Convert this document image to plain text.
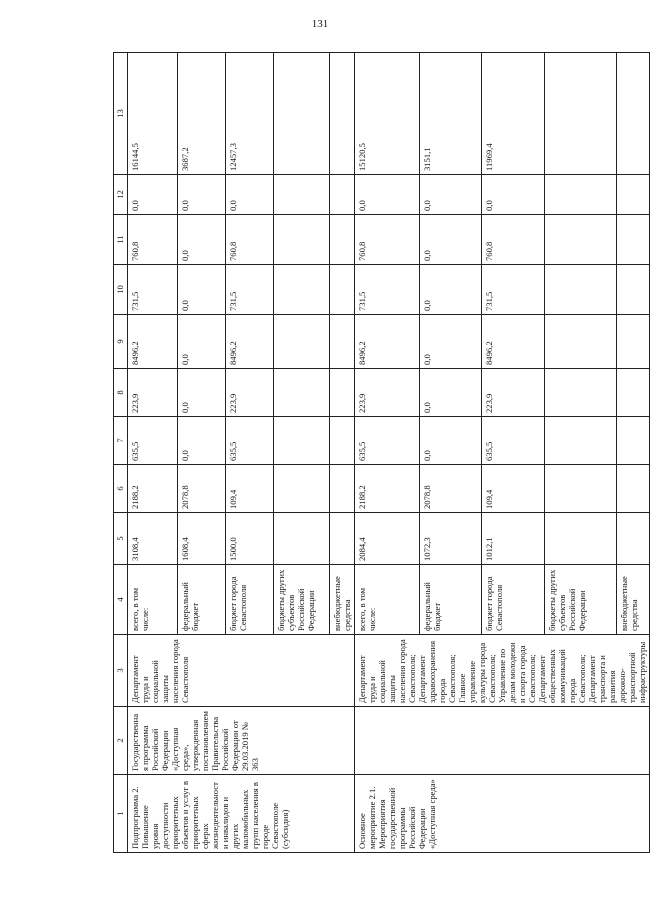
131
1	2	3	4	5	6	7	8	9	10	11	12	13
Подпрограмма 2. Повышение уровня доступности приоритетных объектов и услуг в приоритетных сферах жизнедеятельности инвалидов и других маломобильных групп населения в городе Севастополе (субсидия)	Государственная программа Российской Федерации «Доступная среда», утвержденная постановлением Правительства Российской Федерации от 29.03.2019 № 363	Департамент труда и социальной защиты населения города Севастополя	всего, в том числе:	3108,4	2188,2	635,5	223,9	8496,2	731,5	760,8	0,0	16144,5
			федеральный бюджет	1608,4	2078,8	0,0	0,0	0,0	0,0	0,0	0,0	3687,2
			бюджет города Севастополя	1500,0	109,4	635,5	223,9	8496,2	731,5	760,8	0,0	12457,3
			бюджеты других субъектов Российской Федерации									
			внебюджетные средства									
Основное мероприятие 2.1. Мероприятия государственной программы Российской Федерации «Доступная среда»		Департамент труда и социальной защиты населения города Севастополя; Департамент здравоохранения города Севастополя; Главное управление культуры города Севастополя; Управление по делам молодежи и спорта города Севастополя; Департамент общественных коммуникаций города Севастополя; Департамент транспорта и развития дорожно-транспортной инфраструктуры	всего, в том числе:	2084,4	2188,2	635,5	223,9	8496,2	731,5	760,8	0,0	15120,5
			федеральный бюджет	1072,3	2078,8	0,0	0,0	0,0	0,0	0,0	0,0	3151,1
			бюджет города Севастополя	1012,1	109,4	635,5	223,9	8496,2	731,5	760,8	0,0	11969,4
			бюджеты других субъектов Российской Федерации									
			внебюджетные средства									
